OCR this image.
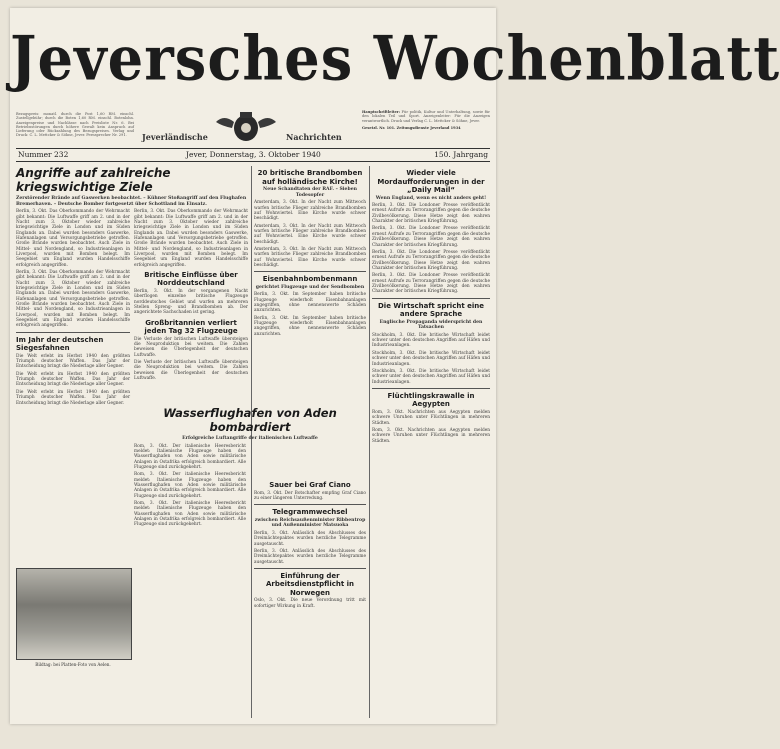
Jeversches Wochenblatt
Bezugspreis: monatl. durch die Post 1,60 RM. einschl. Zustellgebühr; durch die Boten 1,60 RM. einschl. Botenlohn. Anzeigenpreise und Nachlässe nach Preisliste Nr. 6. Bei Betriebsstörungen durch höhere Gewalt kein Anspruch auf Lieferung oder Rückzahlung des Bezugspreises. Verlag und Druck: C. L. Mettcker & Söhne, Jever. Fernsprecher Nr. 291.
Hauptschriftleiter: Für politik, Kultur und Unterhaltung, sowie für den lokalen Teil und Sport. Anzeigenleiter: Für die Anzeigen verantwortlich. Druck und Verlag C. L. Mettcker & Söhne, Jever.
Gesetzl. Nr. 101. Zeitungsdienste Jeverland 1934
Jeverländische	Nachrichten
Nummer 232	Jever, Donnerstag, 3. Oktober 1940	150. Jahrgang
Angriffe auf zahlreiche kriegswichtige Ziele
Zerstörender Brände auf Gaswerken beobachtet. – Kühner Stoßangriff auf den Flughafen Bremerhaven. – Deutsche Bomber fortgesetzt über Schottland im Einsatz.

Berlin, 3. Okt. Das Oberkommando der Wehrmacht gibt bekannt: Die Luftwaffe griff am 2. und in der Nacht zum 3. Oktober wieder zahlreiche kriegswichtige Ziele in London und im Süden Englands an. Dabei wurden besonders Gaswerke, Hafenanlagen und Versorgungsbetriebe getroffen. Große Brände wurden beobachtet. Auch Ziele in Mittel- und Nordengland, so Industrieanlagen in Liverpool, wurden mit Bomben belegt. Im Seegebiet um England wurden Handelsschiffe erfolgreich angegriffen.

Berlin, 3. Okt. Das Oberkommando der Wehrmacht gibt bekannt: Die Luftwaffe griff am 2. und in der Nacht zum 3. Oktober wieder zahlreiche kriegswichtige Ziele in London und im Süden Englands an. Dabei wurden besonders Gaswerke, Hafenanlagen und Versorgungsbetriebe getroffen. Große Brände wurden beobachtet. Auch Ziele in Mittel- und Nordengland, so Industrieanlagen in Liverpool, wurden mit Bomben belegt. Im Seegebiet um England wurden Handelsschiffe erfolgreich angegriffen.

Im Jahr der deutschen Siegesfahnen

Die Welt erlebt im Herbst 1940 den größten Triumph deutscher Waffen. Das Jahr der Entscheidung bringt die Niederlage aller Gegner.

Die Welt erlebt im Herbst 1940 den größten Triumph deutscher Waffen. Das Jahr der Entscheidung bringt die Niederlage aller Gegner.

Die Welt erlebt im Herbst 1940 den größten Triumph deutscher Waffen. Das Jahr der Entscheidung bringt die Niederlage aller Gegner.

Berlin, 3. Okt. Das Oberkommando der Wehrmacht gibt bekannt: Die Luftwaffe griff am 2. und in der Nacht zum 3. Oktober wieder zahlreiche kriegswichtige Ziele in London und im Süden Englands an. Dabei wurden besonders Gaswerke, Hafenanlagen und Versorgungsbetriebe getroffen. Große Brände wurden beobachtet. Auch Ziele in Mittel- und Nordengland, so Industrieanlagen in Liverpool, wurden mit Bomben belegt. Im Seegebiet um England wurden Handelsschiffe erfolgreich angegriffen.

Britische Einflüsse über Norddeutschland

Berlin, 3. Okt. In der vergangenen Nacht überflogen einzelne britische Flugzeuge norddeutsches Gebiet und warfen an mehreren Stellen Spreng- und Brandbomben ab. Der angerichtete Sachschaden ist gering.

Großbritannien verliert jeden Tag 32 Flugzeuge

Die Verluste der britischen Luftwaffe übersteigen die Neuproduktion bei weitem. Die Zahlen beweisen die Überlegenheit der deutschen Luftwaffe.

Die Verluste der britischen Luftwaffe übersteigen die Neuproduktion bei weitem. Die Zahlen beweisen die Überlegenheit der deutschen Luftwaffe.

Wasserflughafen von Aden bombardiert
Erfolgreiche Luftangriffe der italienischen Luftwaffe

Rom, 3. Okt. Der italienische Heeresbericht meldet: Italienische Flugzeuge haben den Wasserflughafen von Aden sowie militärische Anlagen in Ostafrika erfolgreich bombardiert. Alle Flugzeuge sind zurückgekehrt.

Rom, 3. Okt. Der italienische Heeresbericht meldet: Italienische Flugzeuge haben den Wasserflughafen von Aden sowie militärische Anlagen in Ostafrika erfolgreich bombardiert. Alle Flugzeuge sind zurückgekehrt.

Rom, 3. Okt. Der italienische Heeresbericht meldet: Italienische Flugzeuge haben den Wasserflughafen von Aden sowie militärische Anlagen in Ostafrika erfolgreich bombardiert. Alle Flugzeuge sind zurückgekehrt.

Bildtag: bei Platten-Foto von Aelen.
20 britische Brandbomben auf holländische Kirche!
Neue Schandtaten der RAF. – Sieben Todesopfer

Amsterdam, 3. Okt. In der Nacht zum Mittwoch warfen britische Flieger zahlreiche Brandbomben auf Wohnviertel. Eine Kirche wurde schwer beschädigt.

Amsterdam, 3. Okt. In der Nacht zum Mittwoch warfen britische Flieger zahlreiche Brandbomben auf Wohnviertel. Eine Kirche wurde schwer beschädigt.

Amsterdam, 3. Okt. In der Nacht zum Mittwoch warfen britische Flieger zahlreiche Brandbomben auf Wohnviertel. Eine Kirche wurde schwer beschädigt.

Eisenbahnbombenmann
gerichtet Flugzeuge und der Sendbomben

Berlin, 3. Okt. Im September haben britische Flugzeuge wiederholt Eisenbahnanlagen angegriffen, ohne nennenswerte Schäden anzurichten.

Berlin, 3. Okt. Im September haben britische Flugzeuge wiederholt Eisenbahnanlagen angegriffen, ohne nennenswerte Schäden anzurichten.

Sauer bei Graf Ciano

Rom, 3. Okt. Der Botschafter empfing Graf Ciano zu einer längeren Unterredung.

Telegrammwechsel
zwischen Reichsaußenminister Ribbentrop und Außenminister Matsuoka

Berlin, 3. Okt. Anlässlich des Abschlusses des Dreimächtepaktes wurden herzliche Telegramme ausgetauscht.

Berlin, 3. Okt. Anlässlich des Abschlusses des Dreimächtepaktes wurden herzliche Telegramme ausgetauscht.

Einführung der Arbeitsdienstpflicht in Norwegen

Oslo, 3. Okt. Die neue Verordnung tritt mit sofortiger Wirkung in Kraft.

Wieder viele Mordaufforderungen in der „Daily Mail“
Wenn England, wenn es nicht anders geht!

Berlin, 3. Okt. Die Londoner Presse veröffentlicht erneut Aufrufe zu Terrorangriffen gegen die deutsche Zivilbevölkerung. Diese Hetze zeigt den wahren Charakter der britischen Kriegführung.

Berlin, 3. Okt. Die Londoner Presse veröffentlicht erneut Aufrufe zu Terrorangriffen gegen die deutsche Zivilbevölkerung. Diese Hetze zeigt den wahren Charakter der britischen Kriegführung.

Berlin, 3. Okt. Die Londoner Presse veröffentlicht erneut Aufrufe zu Terrorangriffen gegen die deutsche Zivilbevölkerung. Diese Hetze zeigt den wahren Charakter der britischen Kriegführung.

Berlin, 3. Okt. Die Londoner Presse veröffentlicht erneut Aufrufe zu Terrorangriffen gegen die deutsche Zivilbevölkerung. Diese Hetze zeigt den wahren Charakter der britischen Kriegführung.

Die Wirtschaft spricht eine andere Sprache
Englische Propaganda widerspricht den Tatsachen

Stockholm, 3. Okt. Die britische Wirtschaft leidet schwer unter den deutschen Angriffen auf Häfen und Industrieanlagen.

Stockholm, 3. Okt. Die britische Wirtschaft leidet schwer unter den deutschen Angriffen auf Häfen und Industrieanlagen.

Stockholm, 3. Okt. Die britische Wirtschaft leidet schwer unter den deutschen Angriffen auf Häfen und Industrieanlagen.

Flüchtlingskrawalle in Aegypten

Rom, 3. Okt. Nachrichten aus Aegypten melden schwere Unruhen unter Flüchtlingen in mehreren Städten.

Rom, 3. Okt. Nachrichten aus Aegypten melden schwere Unruhen unter Flüchtlingen in mehreren Städten.
